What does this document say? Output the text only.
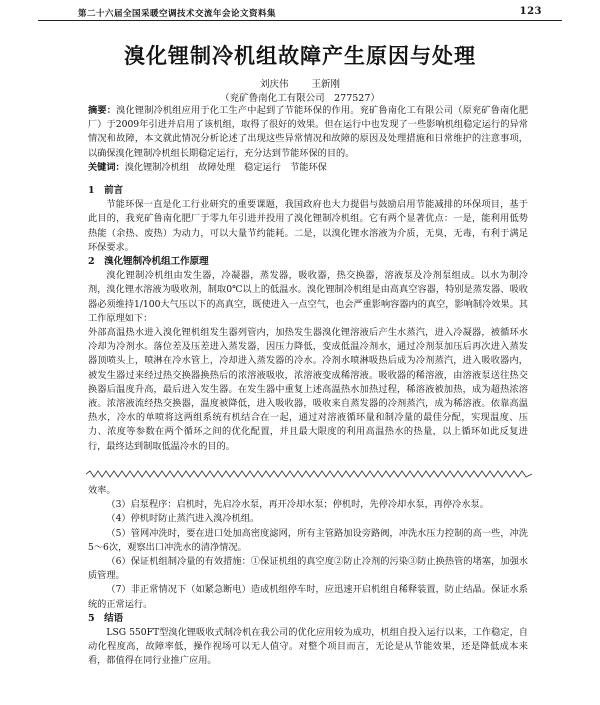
第二十六届全国采暖空调技术交流年会论文资料集	123
溴化锂制冷机组故障产生原因与处理
刘庆伟 王新刚
（兖矿鲁南化工有限公司　277527）

摘要：溴化锂制冷机组应用于化工生产中起到了节能环保的作用。兖矿鲁南化工有限公司（原兖矿鲁南化肥厂）于2009年引进并启用了该机组，取得了很好的效果。但在运行中也发现了一些影响机组稳定运行的异常情况和故障，本文就此情况分析论述了出现这些异常情况和故障的原因及处理措施和日常维护的注意事项，以确保溴化锂制冷机组长期稳定运行，充分达到节能环保的目的。

关键词：溴化锂制冷机组　故障处理　稳定运行　节能环保

1　前言

节能环保一直是化工行业研究的重要课题，我国政府也大力提倡与鼓励启用节能减排的环保项目，基于此目的，我兖矿鲁南化肥厂于零九年引进并投用了溴化锂制冷机组。它有两个显著优点：一是，能利用低势热能（余热、废热）为动力，可以大量节约能耗。二是，以溴化锂水溶液为介质，无臭，无毒，有利于满足环保要求。

2　溴化锂制冷机组工作原理

溴化锂制冷机组由发生器，冷凝器，蒸发器，吸收器，热交换器，溶液泵及冷剂泵组成。以水为制冷剂，溴化锂水溶液为吸收剂，制取0℃以上的低温水。溴化锂制冷机组是由高真空容器，特别是蒸发器、吸收器必须维持1/100大气压以下的高真空，既使进入一点空气，也会严重影响容器内的真空，影响制冷效果。其工作原理如下：

外部高温热水进入溴化锂机组发生器列管内，加热发生器溴化锂溶液后产生水蒸汽，进入冷凝器，被循环水冷却为冷剂水。落位差及压差进入蒸发器，因压力降低，变成低温冷剂水，通过冷剂泵加压后再次进入蒸发器顶喷头上，喷淋在冷水管上，冷却进入蒸发器的冷水。冷剂水喷淋吸热后成为冷剂蒸汽，进入吸收器内，被发生器过来经过热交换器换热后的浓溶液吸收，浓溶液变成稀溶液。吸收器的稀溶液，由溶液泵送往热交换器后温度升高，最后进入发生器。在发生器中重复上述高温热水加热过程，稀溶液被加热，成为超热浓溶液。浓溶液流经热交换器，温度被降低，进入吸收器，吸收来自蒸发器的冷剂蒸汽，成为稀溶液。依靠高温热水，冷水的单喷将这两组系统有机结合在一起，通过对溶液循环量和制冷量的最佳分配，实现温度、压力、浓度等参数在两个循环之间的优化配置，并且最大限度的利用高温热水的热量，以上循环如此反复进行，最终达到制取低温冷水的目的。

效率。

（3）启泵程序：启机时，先启冷水泵，再开冷却水泵；停机时，先停冷却水泵，再停冷水泵。

（4）停机时防止蒸汽进入溴冷机组。

（5）管网冲洗时，要在进口处加高密度滤网，所有主管路加设旁路阀，冲洗水压力控制的高一些，冲洗5～6次，观察出口冲洗水的清净情况。

（6）保证机组制冷量的有效措施：①保证机组的真空度②防止冷剂的污染③防止换热管的堵塞，加强水质管理。

（7）非正常情况下（如紧急断电）造成机组停车时，应迅速开启机组自稀释装置，防止结晶。保证水系统的正常运行。

5　结语

LSG 550FT型溴化锂吸收式制冷机在我公司的优化应用较为成功，机组自投入运行以来，工作稳定，自动化程度高，故障率低，操作视场可以无人值守。对整个项目而言，无论是从节能效果，还是降低成本来看，都值得在同行业推广应用。
